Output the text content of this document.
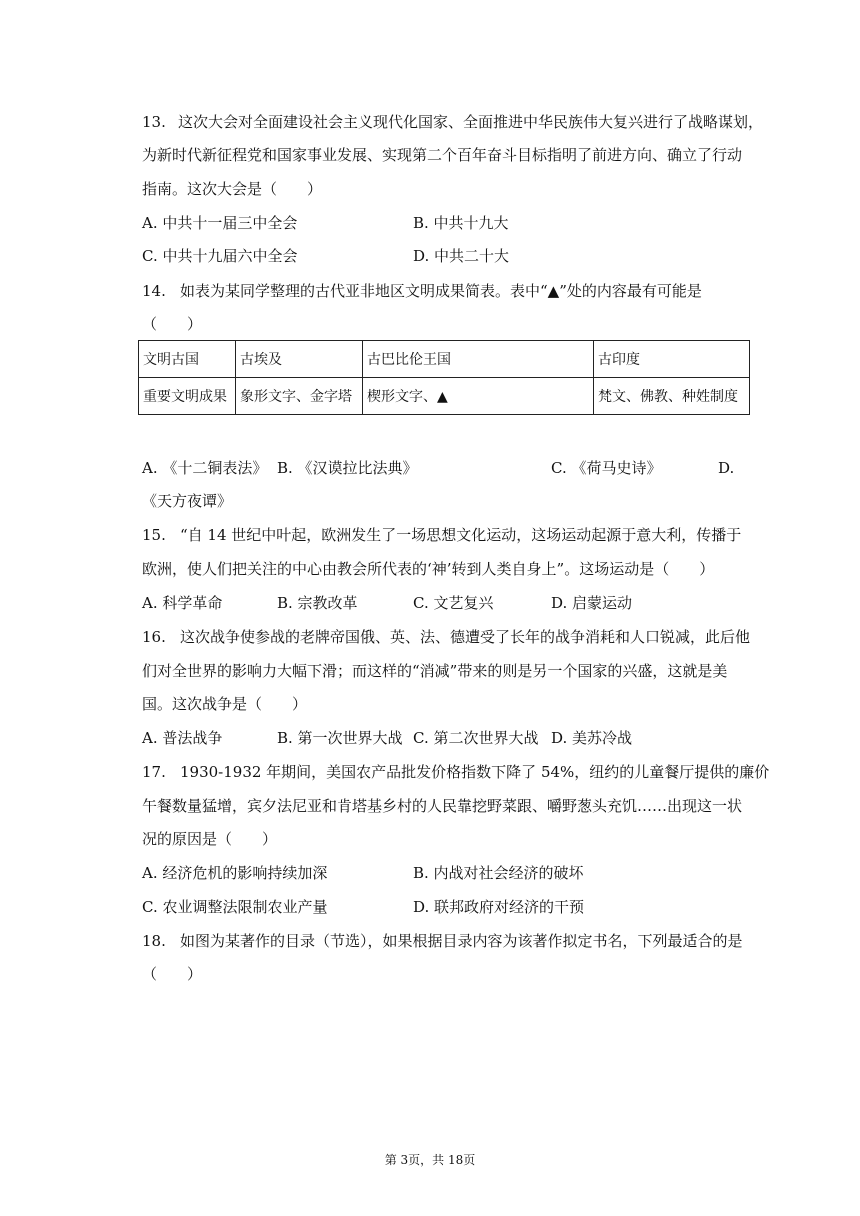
13. 这次大会对全面建设社会主义现代化国家、全面推进中华民族伟大复兴进行了战略谋划，
为新时代新征程党和国家事业发展、实现第二个百年奋斗目标指明了前进方向、确立了行动
指南。这次大会是（　　）
A. 中共十一届三中全会	B. 中共十九大
C. 中共十九届六中全会	D. 中共二十大
14. 如表为某同学整理的古代亚非地区文明成果简表。表中“▲”处的内容最有可能是
（　　）
文明古国	古埃及	古巴比伦王国	古印度
重要文明成果	象形文字、金字塔	楔形文字、▲	梵文、佛教、种姓制度
A. 《十二铜表法》 B. 《汉谟拉比法典》	C. 《荷马史诗》	D.
《天方夜谭》
15. “自 14 世纪中叶起，欧洲发生了一场思想文化运动，这场运动起源于意大利，传播于
欧洲，使人们把关注的中心由教会所代表的‘神’转到人类自身上”。这场运动是（　　）
A. 科学革命	B. 宗教改革	C. 文艺复兴	D. 启蒙运动
16. 这次战争使参战的老牌帝国俄、英、法、德遭受了长年的战争消耗和人口锐减，此后他
们对全世界的影响力大幅下滑；而这样的“消减”带来的则是另一个国家的兴盛，这就是美
国。这次战争是（　　）
A. 普法战争	B. 第一次世界大战 C. 第二次世界大战 D. 美苏冷战
17. 1930-1932 年期间，美国农产品批发价格指数下降了 54%，纽约的儿童餐厅提供的廉价
午餐数量猛增，宾夕法尼亚和肯塔基乡村的人民靠挖野菜跟、嚼野葱头充饥……出现这一状
况的原因是（　　）
A. 经济危机的影响持续加深	B. 内战对社会经济的破坏
C. 农业调整法限制农业产量	D. 联邦政府对经济的干预
18. 如图为某著作的目录（节选），如果根据目录内容为该著作拟定书名，下列最适合的是
（　　）
第 3页，共 18页
